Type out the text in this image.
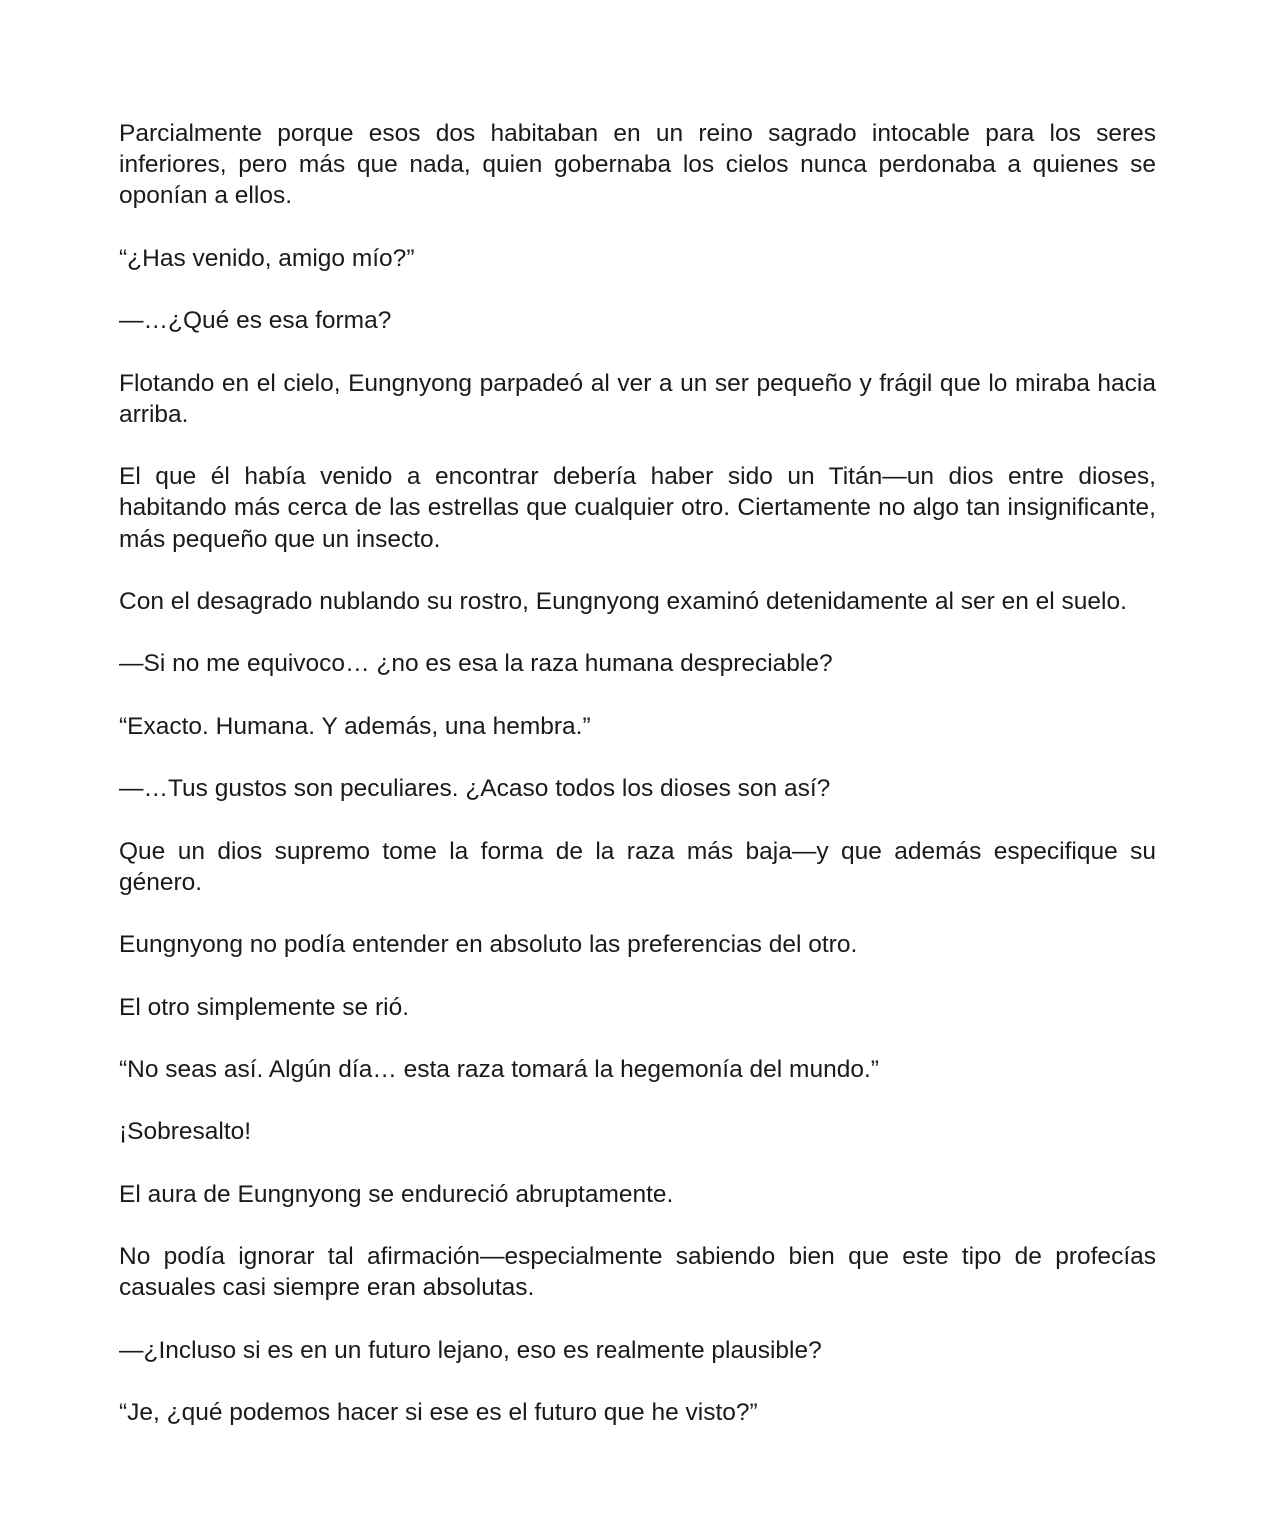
Parcialmente porque esos dos habitaban en un reino sagrado intocable para los seres inferiores, pero más que nada, quien gobernaba los cielos nunca perdonaba a quienes se oponían a ellos.

“¿Has venido, amigo mío?”

—…¿Qué es esa forma?

Flotando en el cielo, Eungnyong parpadeó al ver a un ser pequeño y frágil que lo miraba hacia arriba.

El que él había venido a encontrar debería haber sido un Titán—un dios entre dioses, habitando más cerca de las estrellas que cualquier otro. Ciertamente no algo tan insignificante, más pequeño que un insecto.

Con el desagrado nublando su rostro, Eungnyong examinó detenidamente al ser en el suelo.

—Si no me equivoco… ¿no es esa la raza humana despreciable?

“Exacto. Humana. Y además, una hembra.”

—…Tus gustos son peculiares. ¿Acaso todos los dioses son así?

Que un dios supremo tome la forma de la raza más baja—y que además especifique su género.

Eungnyong no podía entender en absoluto las preferencias del otro.

El otro simplemente se rió.

“No seas así. Algún día… esta raza tomará la hegemonía del mundo.”

¡Sobresalto!

El aura de Eungnyong se endureció abruptamente.

No podía ignorar tal afirmación—especialmente sabiendo bien que este tipo de profecías casuales casi siempre eran absolutas.

—¿Incluso si es en un futuro lejano, eso es realmente plausible?

“Je, ¿qué podemos hacer si ese es el futuro que he visto?”
